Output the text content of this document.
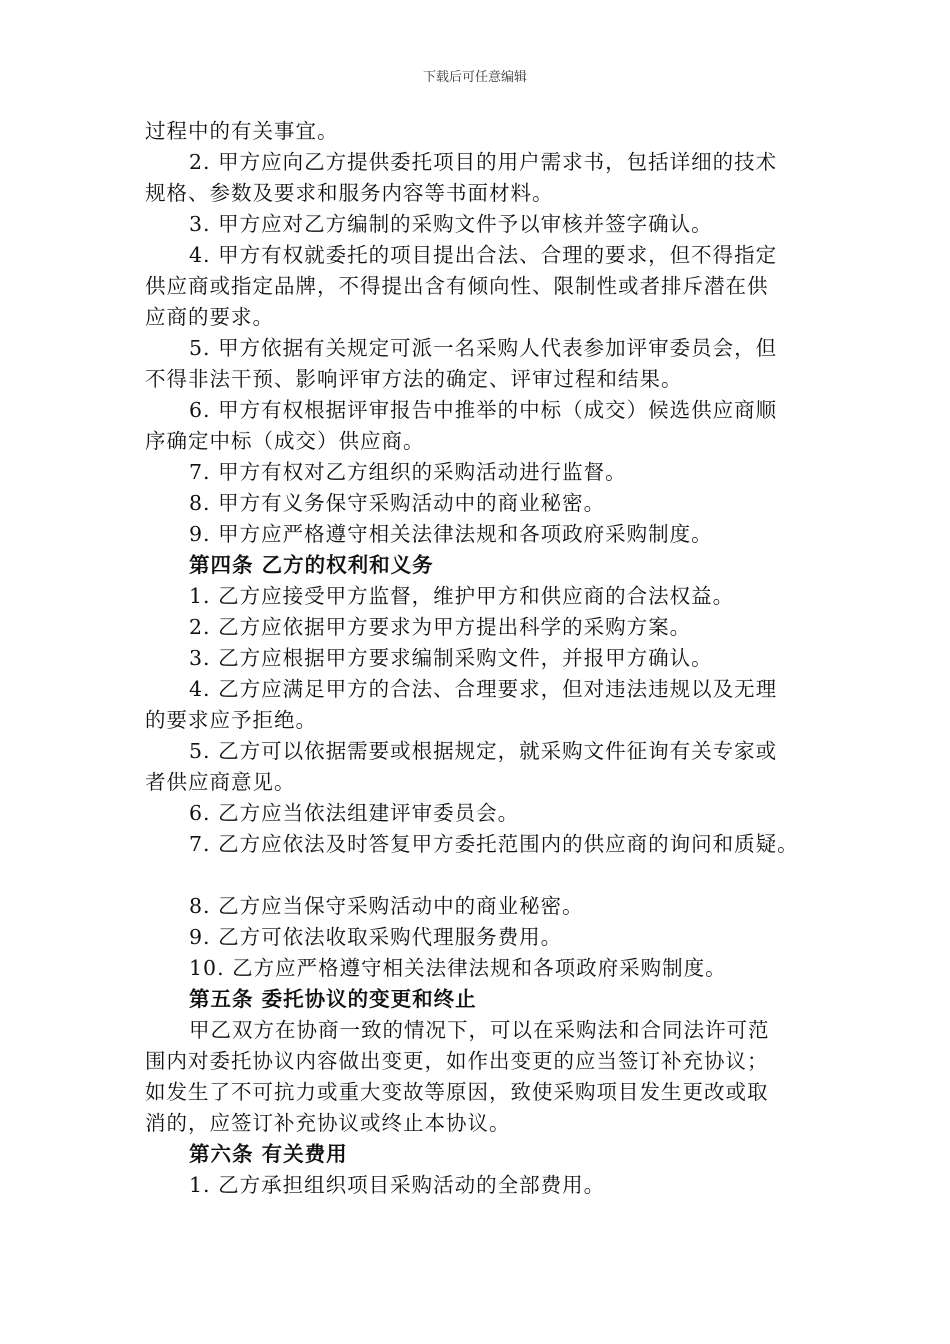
下载后可任意编辑
过程中的有关事宜。
2. 甲方应向乙方提供委托项目的用户需求书，包括详细的技术
规格、参数及要求和服务内容等书面材料。
3. 甲方应对乙方编制的采购文件予以审核并签字确认。
4. 甲方有权就委托的项目提出合法、合理的要求，但不得指定
供应商或指定品牌，不得提出含有倾向性、限制性或者排斥潜在供
应商的要求。
5. 甲方依据有关规定可派一名采购人代表参加评审委员会，但
不得非法干预、影响评审方法的确定、评审过程和结果。
6. 甲方有权根据评审报告中推举的中标（成交）候选供应商顺
序确定中标（成交）供应商。
7. 甲方有权对乙方组织的采购活动进行监督。
8. 甲方有义务保守采购活动中的商业秘密。
9. 甲方应严格遵守相关法律法规和各项政府采购制度。
第四条 乙方的权利和义务
1. 乙方应接受甲方监督，维护甲方和供应商的合法权益。
2. 乙方应依据甲方要求为甲方提出科学的采购方案。
3. 乙方应根据甲方要求编制采购文件，并报甲方确认。
4. 乙方应满足甲方的合法、合理要求，但对违法违规以及无理
的要求应予拒绝。
5. 乙方可以依据需要或根据规定，就采购文件征询有关专家或
者供应商意见。
6. 乙方应当依法组建评审委员会。
7. 乙方应依法及时答复甲方委托范围内的供应商的询问和质疑。
8. 乙方应当保守采购活动中的商业秘密。
9. 乙方可依法收取采购代理服务费用。
10. 乙方应严格遵守相关法律法规和各项政府采购制度。
第五条 委托协议的变更和终止
甲乙双方在协商一致的情况下，可以在采购法和合同法许可范
围内对委托协议内容做出变更，如作出变更的应当签订补充协议；
如发生了不可抗力或重大变故等原因，致使采购项目发生更改或取
消的，应签订补充协议或终止本协议。
第六条 有关费用
1. 乙方承担组织项目采购活动的全部费用。
